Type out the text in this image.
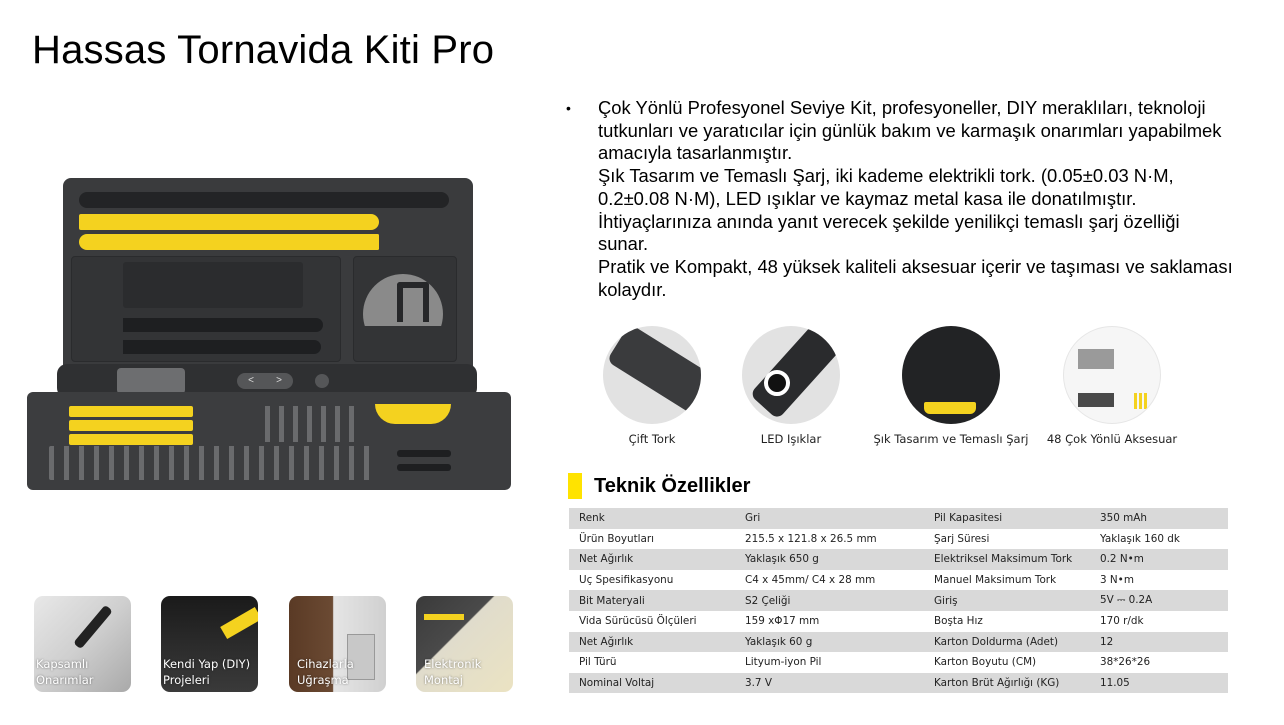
Hassas Tornavida Kiti Pro
< >
• Çok Yönlü Profesyonel Seviye Kit, profesyoneller, DIY meraklıları, teknoloji tutkunları ve yaratıcılar için günlük bakım ve karmaşık onarımları yapabilmek amacıyla tasarlanmıştır.

Şık Tasarım ve Temaslı Şarj, iki kademe elektrikli tork. (0.05±0.03 N·M, 0.2±0.08 N·M), LED ışıklar ve kaymaz metal kasa ile donatılmıştır.

İhtiyaçlarınıza anında yanıt verecek şekilde yenilikçi temaslı şarj özelliği sunar.

Pratik ve Kompakt, 48 yüksek kaliteli aksesuar içerir ve taşıması ve saklaması kolaydır.

Çift Tork	LED Işıklar	Şık Tasarım ve Temaslı Şarj	48 Çok Yönlü Aksesuar
Teknik Özellikler
Renk	Gri	Pil Kapasitesi	350 mAh
Ürün Boyutları	215.5 x 121.8 x 26.5 mm	Şarj Süresi	Yaklaşık 160 dk
Net Ağırlık	Yaklaşık 650 g	Elektriksel Maksimum Tork	0.2 N•m
Uç Spesifikasyonu	C4 x 45mm/ C4 x 28 mm	Manuel Maksimum Tork	3 N•m
Bit Materyali	S2 Çeliği	Giriş	5V ⎓ 0.2A
Vida Sürücüsü Ölçüleri	159 xΦ17 mm	Boşta Hız	170 r/dk
Net Ağırlık	Yaklaşık 60 g	Karton Doldurma (Adet)	12
Pil Türü	Lityum-iyon Pil	Karton Boyutu (CM)	38*26*26
Nominal Voltaj	3.7 V	Karton Brüt Ağırlığı (KG)	11.05
Kapsamlı
Onarımlar
Kendi Yap (DIY)
Projeleri
Cihazlarla
Uğraşma
Elektronik
Montaj
